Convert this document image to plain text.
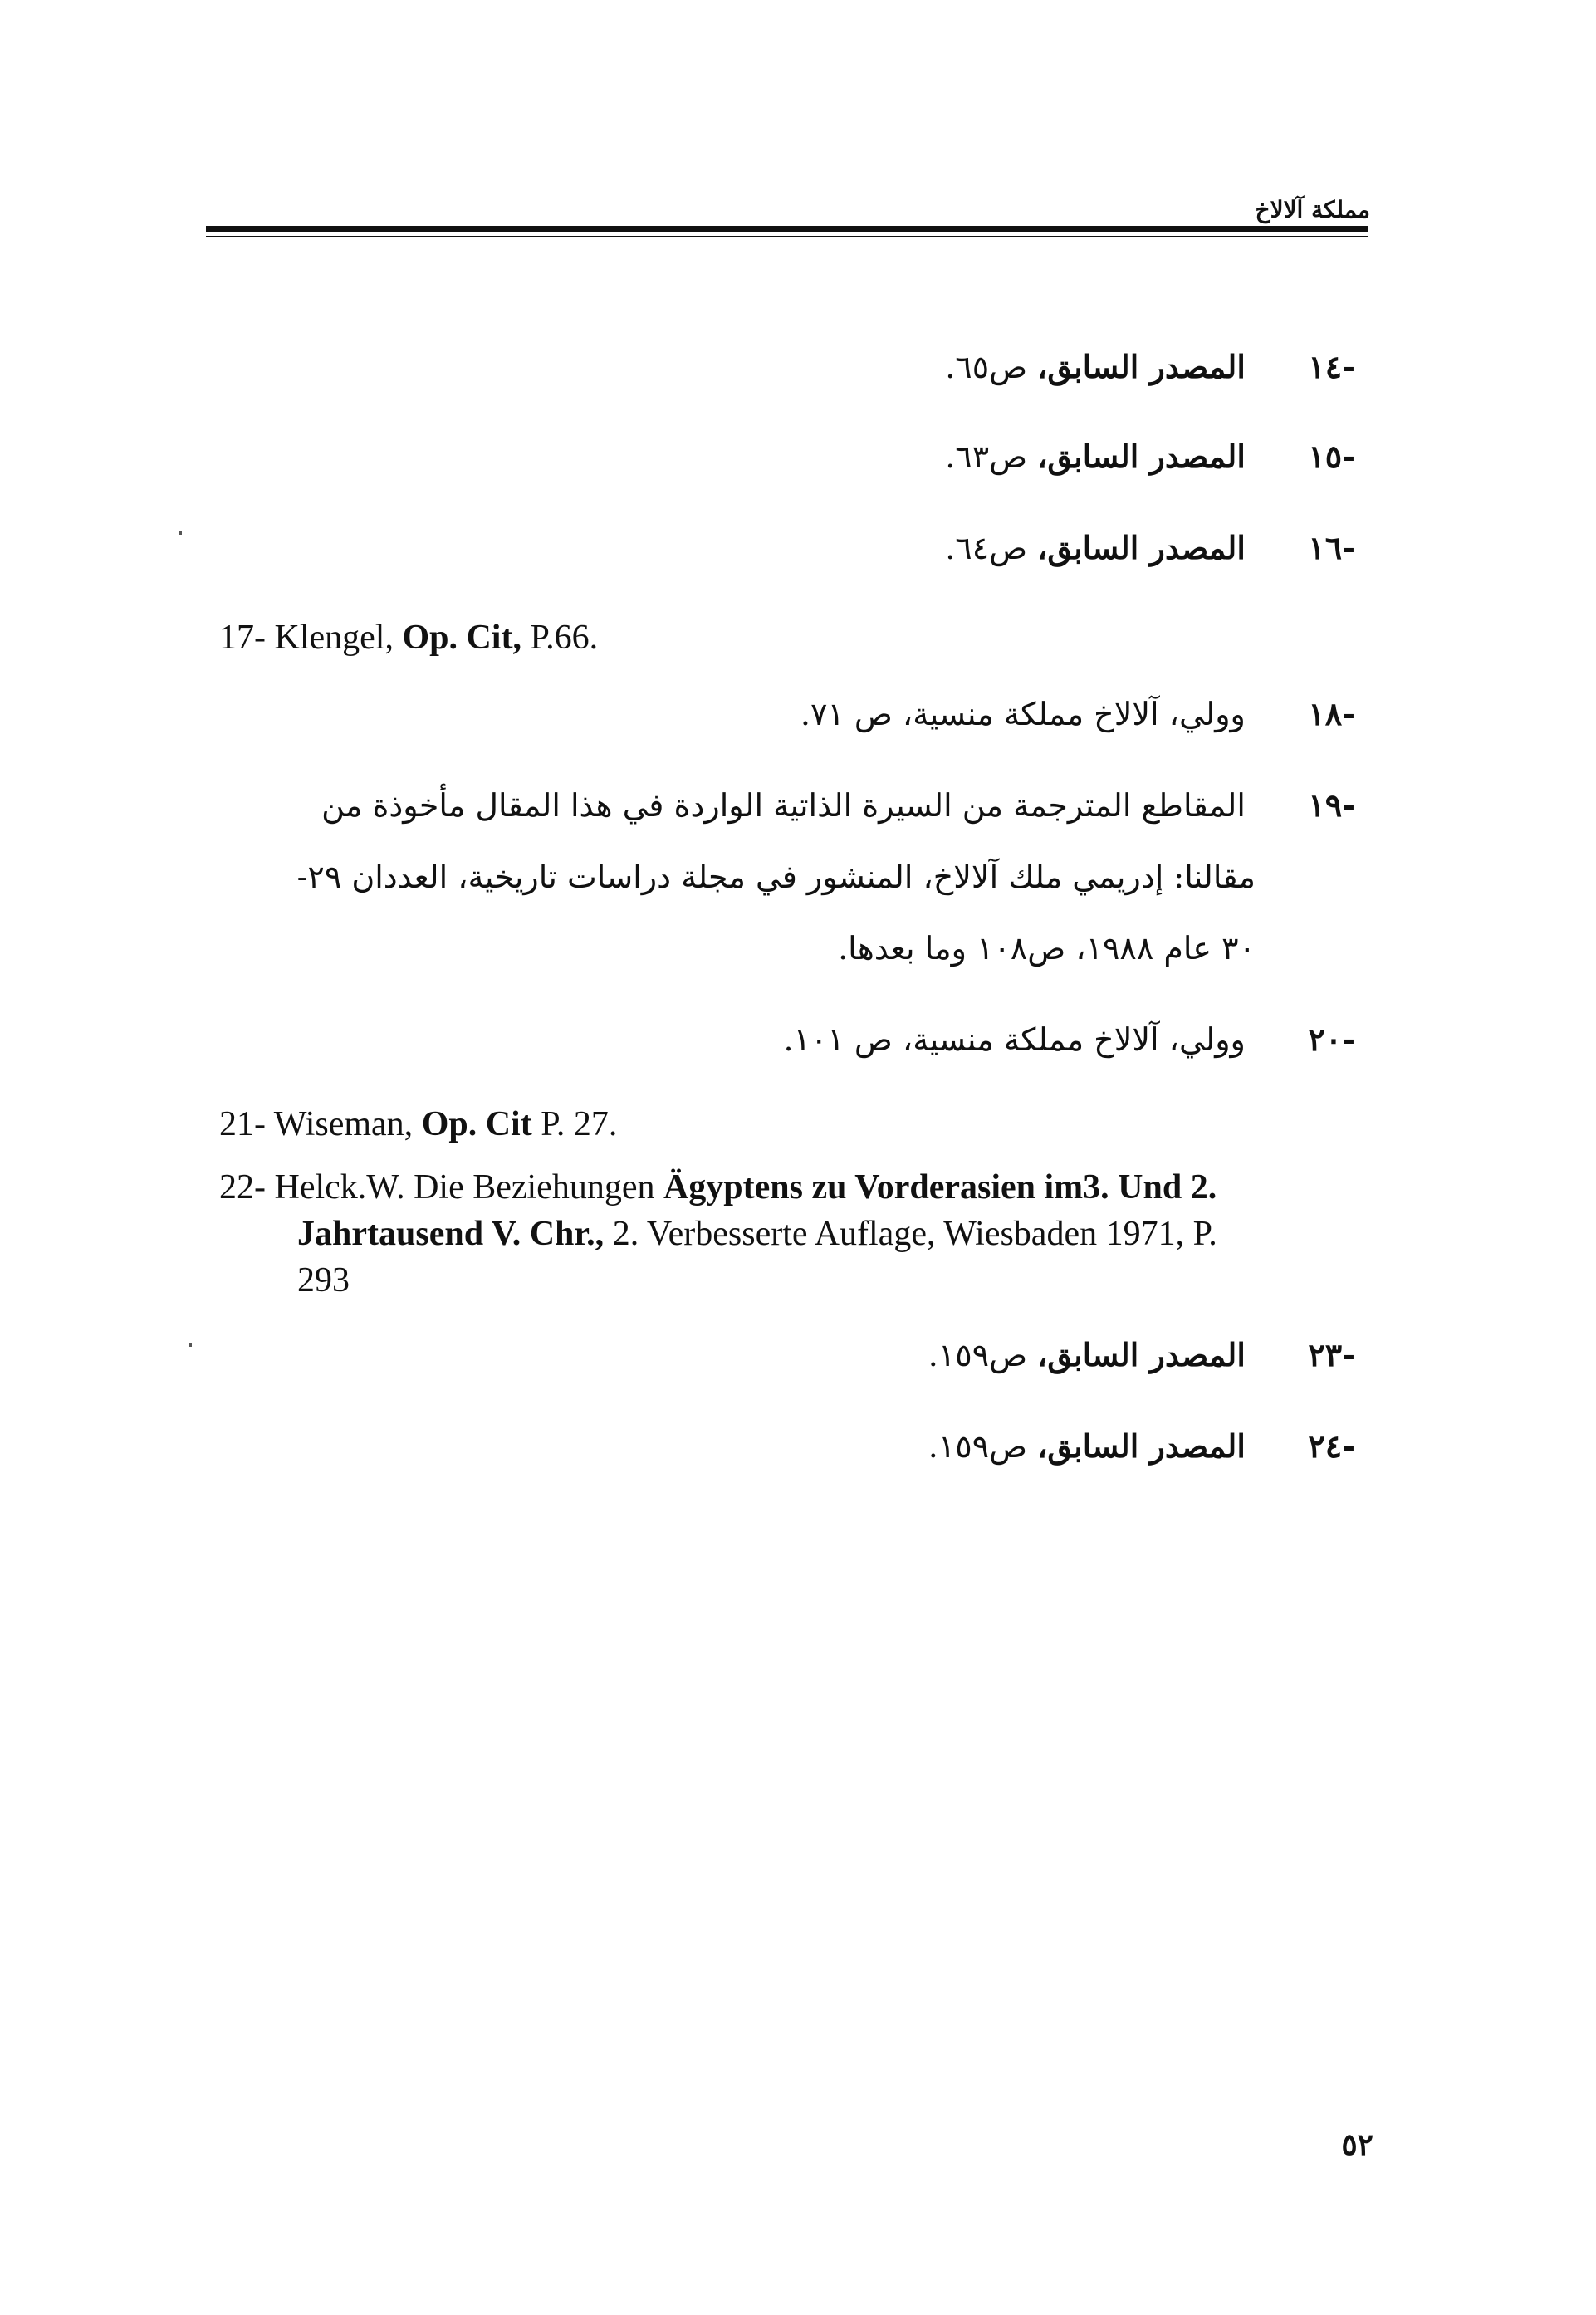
مملكة آلالاخ
-١٤ المصدر السابق، ص٦٥.
-١٥ المصدر السابق، ص٦٣.
-١٦ المصدر السابق، ص٦٤.
17- Klengel, Op. Cit, P.66.
-١٨ وولي، آلالاخ مملكة منسية، ص ٧١.
-١٩ المقاطع المترجمة من السيرة الذاتية الواردة في هذا المقال مأخوذة من
مقالنا: إدريمي ملك آلالاخ، المنشور في مجلة دراسات تاريخية، العددان ٢٩-
٣٠ عام ١٩٨٨، ص١٠٨ وما بعدها.
-٢٠ وولي، آلالاخ مملكة منسية، ص ١٠١.
21- Wiseman, Op. Cit P. 27.
22- Helck.W. Die Beziehungen Ägyptens zu Vorderasien im3. Und 2.
Jahrtausend V. Chr., 2. Verbesserte Auflage, Wiesbaden 1971, P.
293
-٢٣ المصدر السابق، ص١٥٩.
-٢٤ المصدر السابق، ص١٥٩.
٥٢
